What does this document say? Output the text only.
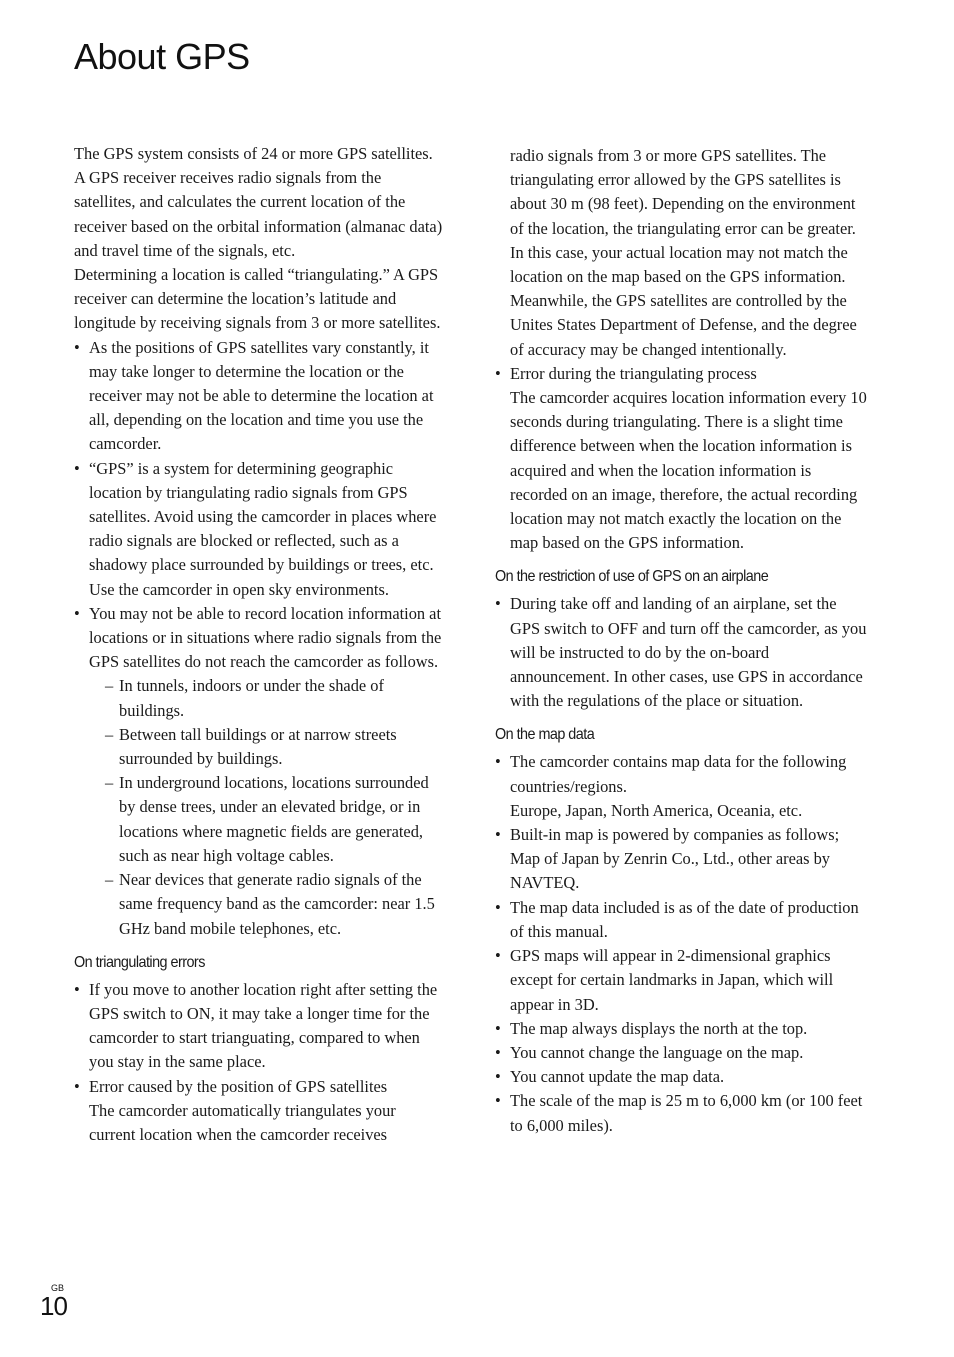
About GPS

The GPS system consists of 24 or more GPS satellites. A GPS receiver receives radio signals from the satellites, and calculates the current location of the receiver based on the orbital information (almanac data) and travel time of the signals, etc.

Determining a location is called “triangulating.” A GPS receiver can determine the location’s latitude and longitude by receiving signals from 3 or more satellites.

• As the positions of GPS satellites vary constantly, it may take longer to determine the location or the receiver may not be able to determine the location at all, depending on the location and time you use the camcorder.
• “GPS” is a system for determining geographic location by triangulating radio signals from GPS satellites. Avoid using the camcorder in places where radio signals are blocked or reflected, such as a shadowy place surrounded by buildings or trees, etc. Use the camcorder in open sky environments.
• You may not be able to record location information at locations or in situations where radio signals from the GPS satellites do not reach the camcorder as follows.
– In tunnels, indoors or under the shade of buildings.
– Between tall buildings or at narrow streets surrounded by buildings.
– In underground locations, locations surrounded by dense trees, under an elevated bridge, or in locations where magnetic fields are generated, such as near high voltage cables.
– Near devices that generate radio signals of the same frequency band as the camcorder: near 1.5 GHz band mobile telephones, etc.
On triangulating errors
• If you move to another location right after setting the GPS switch to ON, it may take a longer time for the camcorder to start trianguating, compared to when you stay in the same place.
• Error caused by the position of GPS satellites
The camcorder automatically triangulates your current location when the camcorder receives

radio signals from 3 or more GPS satellites. The triangulating error allowed by the GPS satellites is about 30 m (98 feet). Depending on the environment of the location, the triangulating error can be greater. In this case, your actual location may not match the location on the map based on the GPS information. Meanwhile, the GPS satellites are controlled by the Unites States Department of Defense, and the degree of accuracy may be changed intentionally.

• Error during the triangulating process
The camcorder acquires location information every 10 seconds during triangulating. There is a slight time difference between when the location information is acquired and when the location information is recorded on an image, therefore, the actual recording location may not match exactly the location on the map based on the GPS information.
On the restriction of use of GPS on an airplane
• During take off and landing of an airplane, set the GPS switch to OFF and turn off the camcorder, as you will be instructed to do by the on-board announcement. In other cases, use GPS in accordance with the regulations of the place or situation.
On the map data
• The camcorder contains map data for the following countries/regions.
Europe, Japan, North America, Oceania, etc.
• Built-in map is powered by companies as follows; Map of Japan by Zenrin Co., Ltd., other areas by NAVTEQ.
• The map data included is as of the date of production of this manual.
• GPS maps will appear in 2-dimensional graphics except for certain landmarks in Japan, which will appear in 3D.
• The map always displays the north at the top.
• You cannot change the language on the map.
• You cannot update the map data.
• The scale of the map is 25 m to 6,000 km (or 100 feet to 6,000 miles).
GB
10
